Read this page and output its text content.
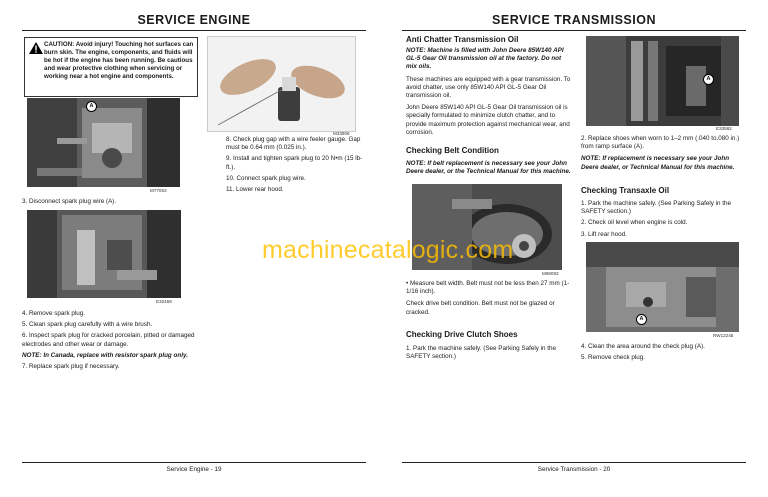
SERVICE ENGINE
CAUTION: Avoid injury! Touching hot surfaces can burn skin. The engine, components, and fluids will be hot if the engine has been running. Be cautious and wear protective clothing when servicing or working near a hot engine and components.
A
M77053
3. Disconnect spark plug wire (A).
E32459
4. Remove spark plug.
5. Clean spark plug carefully with a wire brush.
6. Inspect spark plug for cracked porcelain, pitted or damaged electrodes and other wear or damage.
NOTE: In Canada, replace with resistor spark plug only.
7. Replace spark plug if necessary.
M33906
8. Check plug gap with a wire feeler gauge. Gap must be 0.64 mm (0.025 in.).
9. Install and tighten spark plug to 20 N•m (15 lb-ft.).
10. Connect spark plug wire.
11. Lower rear hood.
Service Engine - 19
SERVICE TRANSMISSION
Anti Chatter Transmission Oil
NOTE: Machine is filled with John Deere 85W140 API GL-5 Gear Oil transmission oil at the factory. Do not mix oils.
These machines are equipped with a gear transmission. To avoid chatter, use only 85W140 API GL-5 Gear Oil transmission oil.
John Deere 85W140 API GL-5 Gear Oil transmission oil is specially formulated to minimize clutch chatter, and to provide maximum protection against mechanical wear, and corrosion.
Checking Belt Condition
NOTE: If belt replacement is necessary see your John Deere dealer, or the Technical Manual for this machine.
M66083
• Measure belt width. Belt must not be less then 27 mm (1-1/16 inch).
Check drive belt condition. Belt must not be glazed or cracked.
Checking Drive Clutch Shoes
1. Park the machine safely. (See Parking Safely in the SAFETY section.)
A
E33582
2. Replace shoes when worn to 1–2 mm (.040 to.080 in.) from ramp surface (A).
NOTE: If replacement is necessary see your John Deere dealer, or Technical Manual for this machine.
Checking Transaxle Oil
1. Park the machine safely. (See Parking Safely in the SAFETY section.)
2. Check oil level when engine is cold.
3. Lift rear hood.
A
RW12245
4. Clean the area around the check plug (A).
5. Remove check plug.
Service Transmission - 20
machinecatalogic.com
